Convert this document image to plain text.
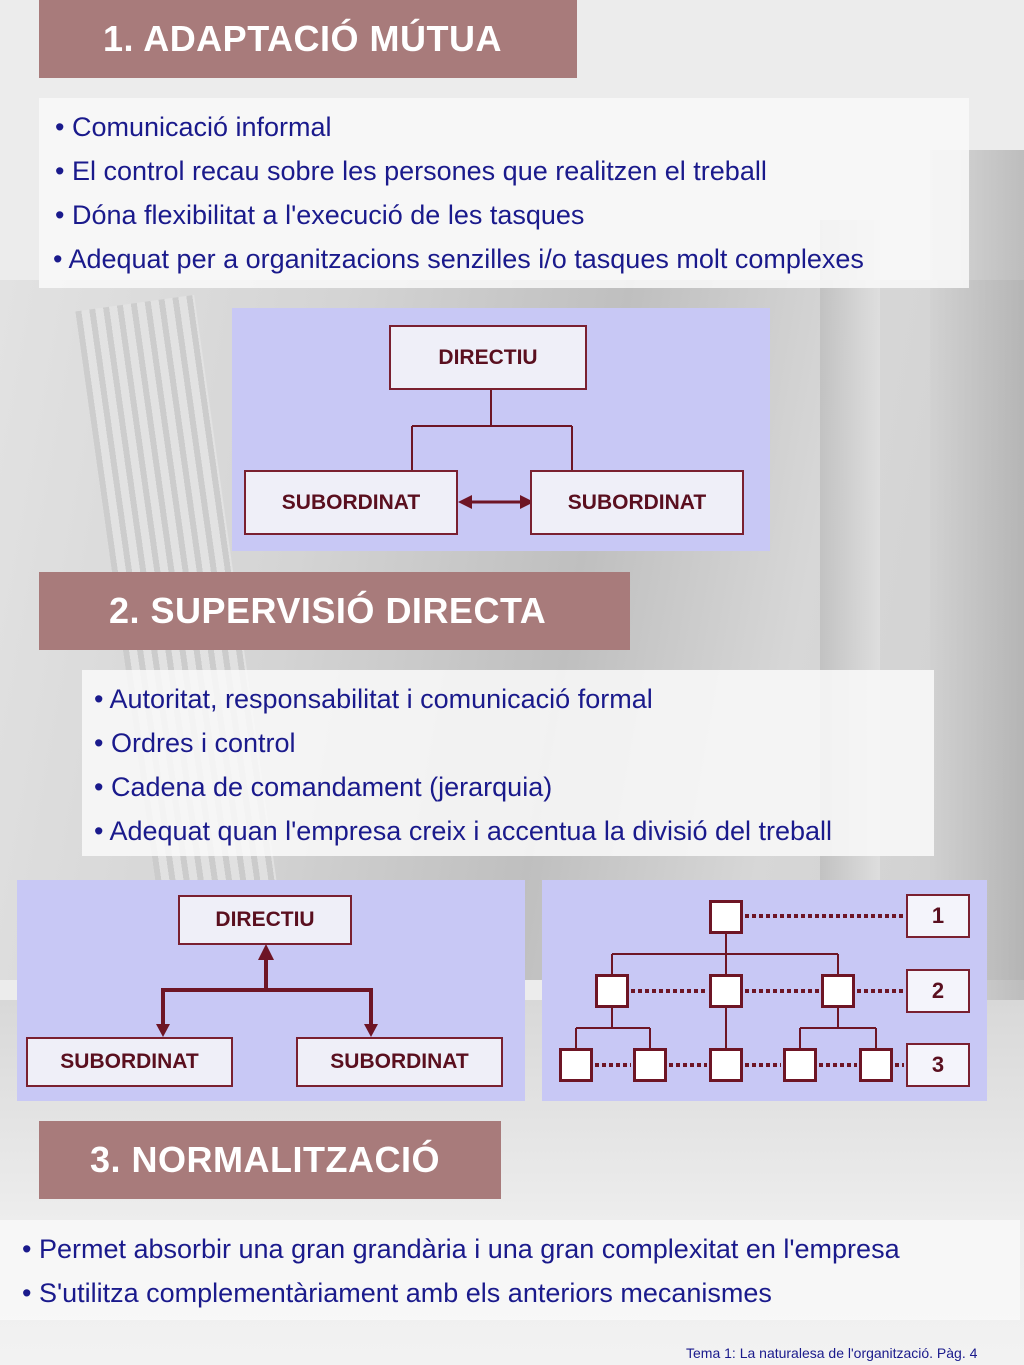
1. ADAPTACIÓ MÚTUA
• Comunicació informal
• El control recau sobre les persones que realitzen el treball
• Dóna flexibilitat a l'execució de les tasques
• Adequat per a organitzacions senzilles i/o tasques molt complexes
DIRECTIU
SUBORDINAT	SUBORDINAT
2. SUPERVISIÓ DIRECTA
• Autoritat, responsabilitat i comunicació formal
• Ordres i control
• Cadena de comandament (jerarquia)
• Adequat quan l'empresa creix i accentua la divisió del treball
DIRECTIU
SUBORDINAT	SUBORDINAT
1
2
3
3. NORMALITZACIÓ
• Permet absorbir una gran grandària i una gran complexitat en l'empresa
• S'utilitza complementàriament amb els anteriors mecanismes
Tema 1: La naturalesa de l'organització. Pàg. 4
